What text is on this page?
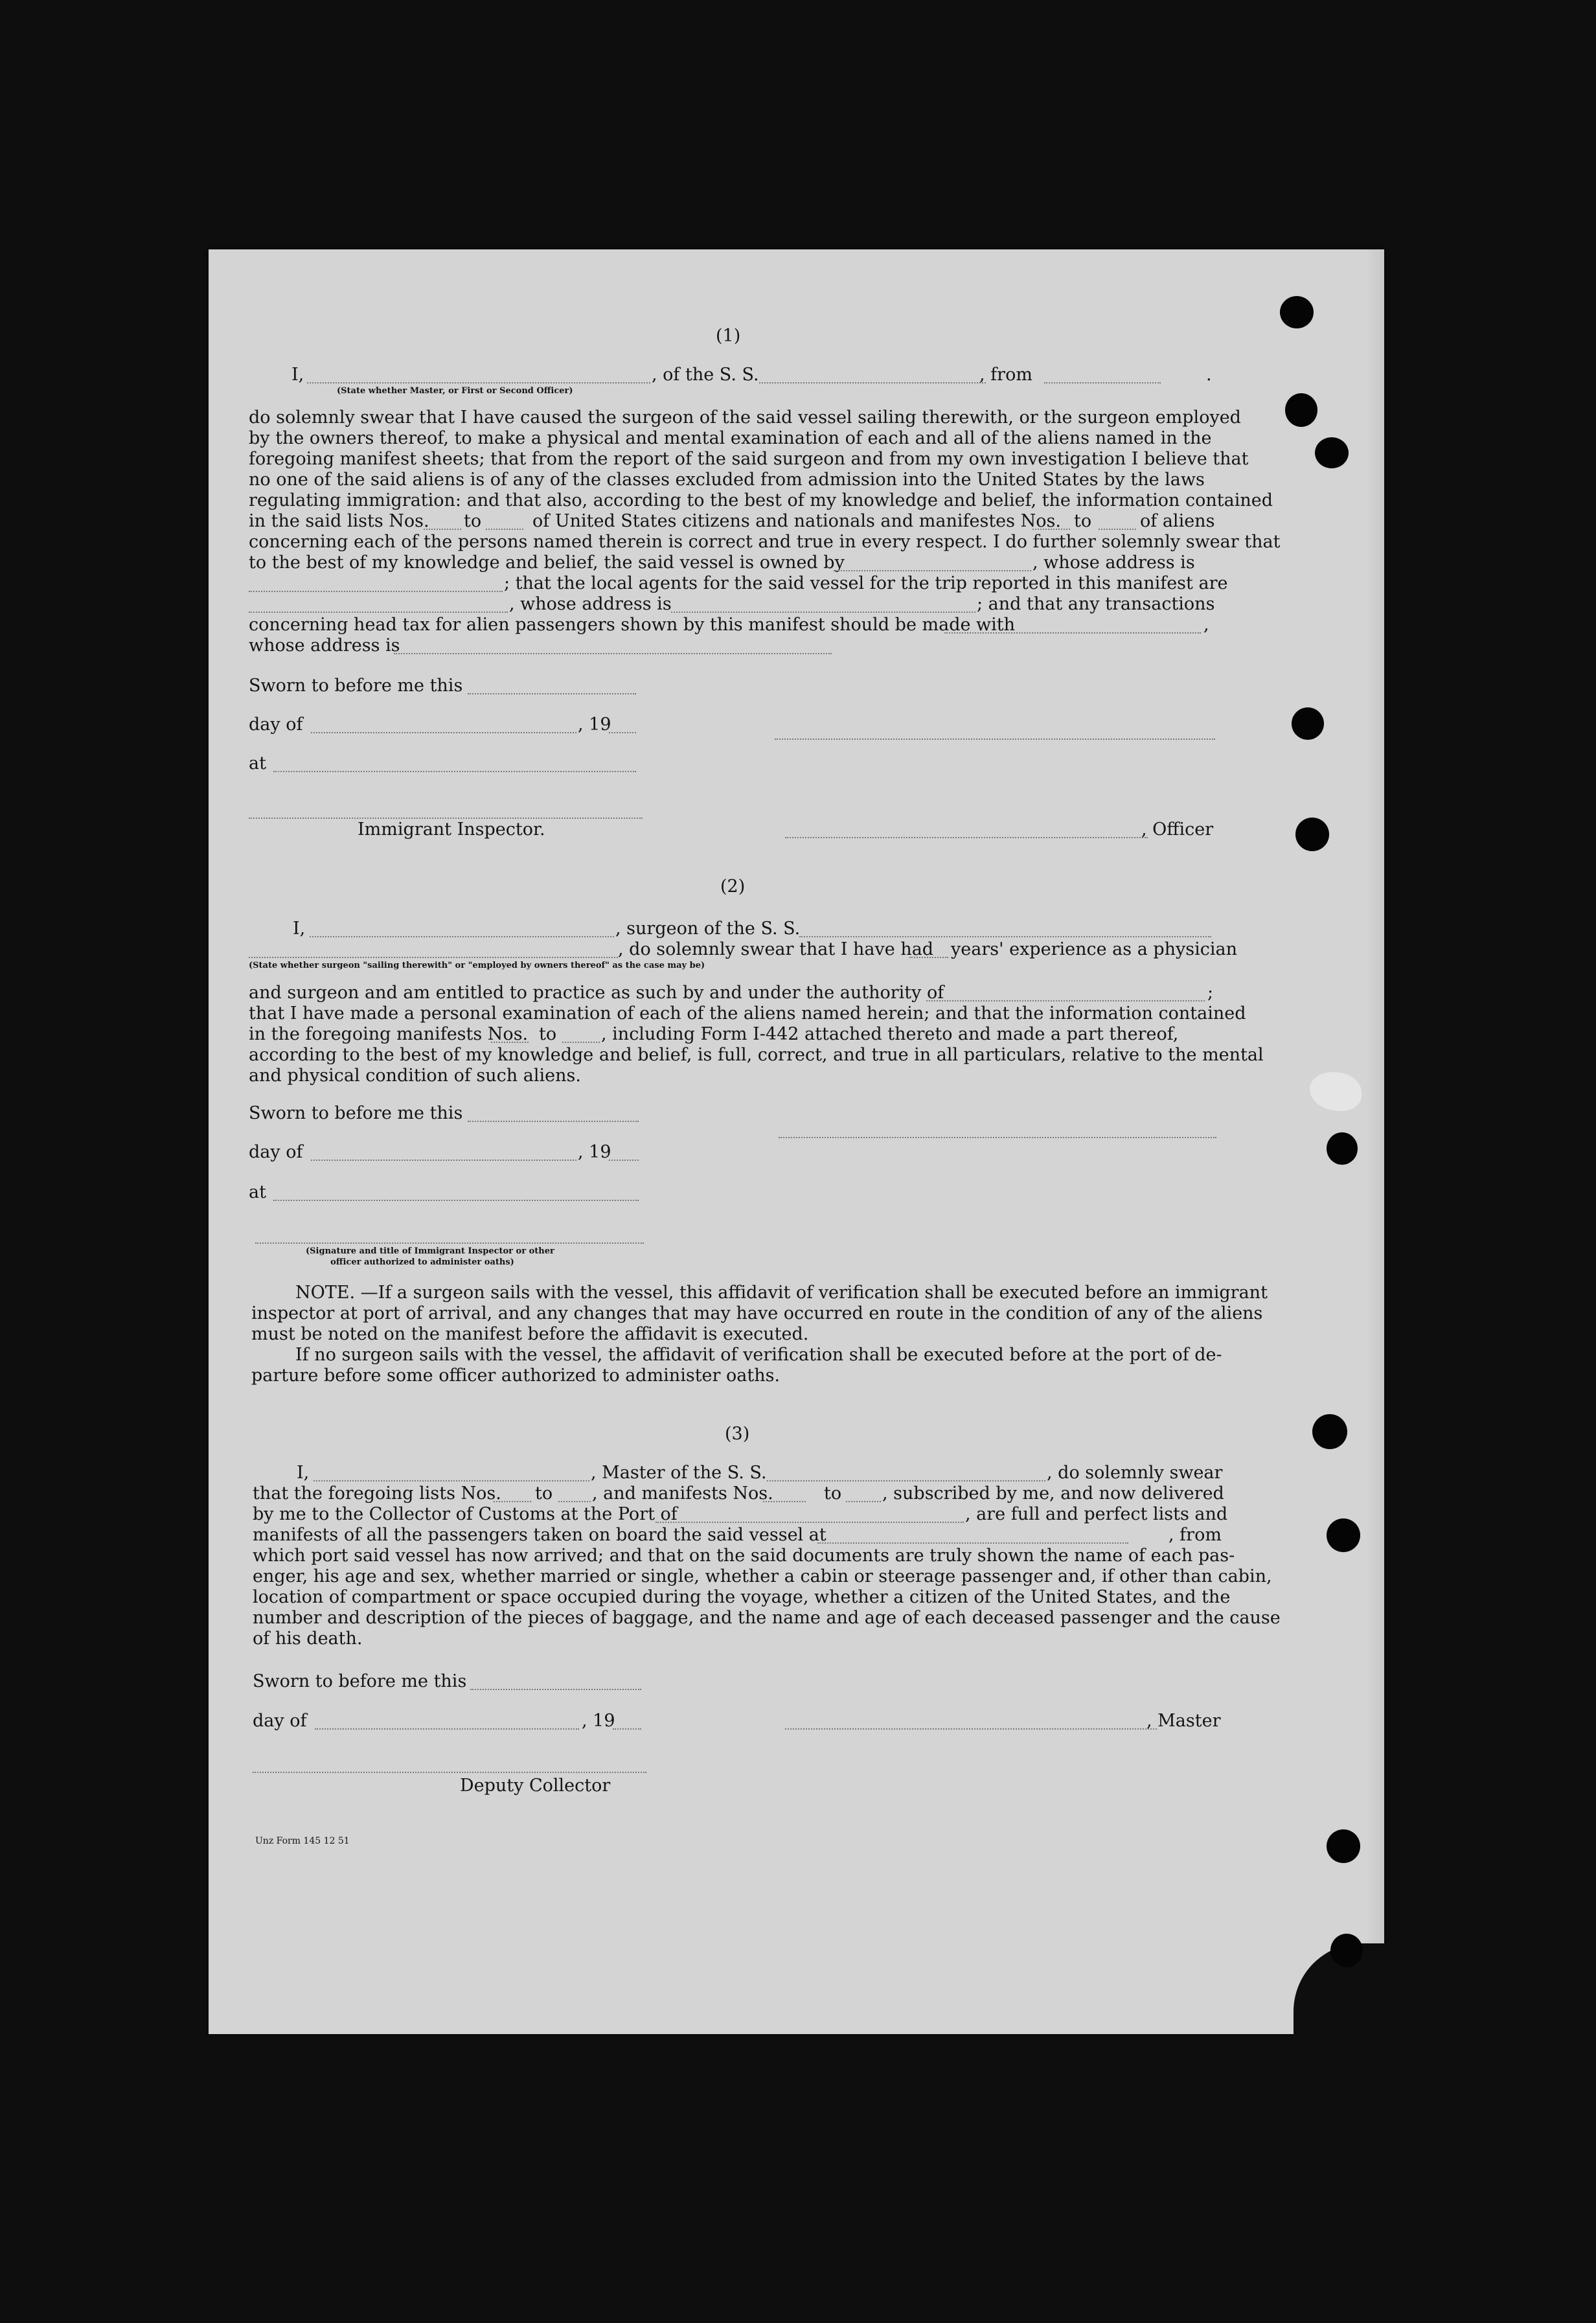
(1)
I,	, of the S. S.	, from	.
(State whether Master, or First or Second Officer)
do solemnly swear that I have caused the surgeon of the said vessel sailing therewith, or the surgeon employed
by the owners thereof, to make a physical and mental examination of each and all of the aliens named in the
foregoing manifest sheets; that from the report of the said surgeon and from my own investigation I believe that
no one of the said aliens is of any of the classes excluded from admission into the United States by the laws
regulating immigration: and that also, according to the best of my knowledge and belief, the information contained
in the said lists Nos. to	of United States citizens and nationals and manifestes Nos. to	of aliens
concerning each of the persons named therein is correct and true in every respect. I do further solemnly swear that
to the best of my knowledge and belief, the said vessel is owned by	, whose address is
; that the local agents for the said vessel for the trip reported in this manifest are
, whose address is	; and that any transactions
concerning head tax for alien passengers shown by this manifest should be made with	,
whose address is
Sworn to before me this
day of	, 19
at
Immigrant Inspector.	, Officer
(2)
I,	, surgeon of the S. S.
, do solemnly swear that I have had years' experience as a physician
(State whether surgeon "sailing therewith" or "employed by owners thereof" as the case may be)
and surgeon and am entitled to practice as such by and under the authority of	;
that I have made a personal examination of each of the aliens named herein; and that the information contained
in the foregoing manifests Nos. to	, including Form I-442 attached thereto and made a part thereof,
according to the best of my knowledge and belief, is full, correct, and true in all particulars, relative to the mental
and physical condition of such aliens.
Sworn to before me this
day of	, 19
at
(Signature and title of Immigrant Inspector or other
officer authorized to administer oaths)
NOTE. —If a surgeon sails with the vessel, this affidavit of verification shall be executed before an immigrant
inspector at port of arrival, and any changes that may have occurred en route in the condition of any of the aliens
must be noted on the manifest before the affidavit is executed.
If no surgeon sails with the vessel, the affidavit of verification shall be executed before at the port of de-
parture before some officer authorized to administer oaths.
(3)
I,	, Master of the S. S.	, do solemnly swear
that the foregoing lists Nos. to , and manifests Nos.	to , subscribed by me, and now delivered
by me to the Collector of Customs at the Port of	, are full and perfect lists and
manifests of all the passengers taken on board the said vessel at	, from
which port said vessel has now arrived; and that on the said documents are truly shown the name of each pas-
enger, his age and sex, whether married or single, whether a cabin or steerage passenger and, if other than cabin,
location of compartment or space occupied during the voyage, whether a citizen of the United States, and the
number and description of the pieces of baggage, and the name and age of each deceased passenger and the cause
of his death.
Sworn to before me this
day of	, 19	, Master
Deputy Collector
Unz Form 145 12 51
